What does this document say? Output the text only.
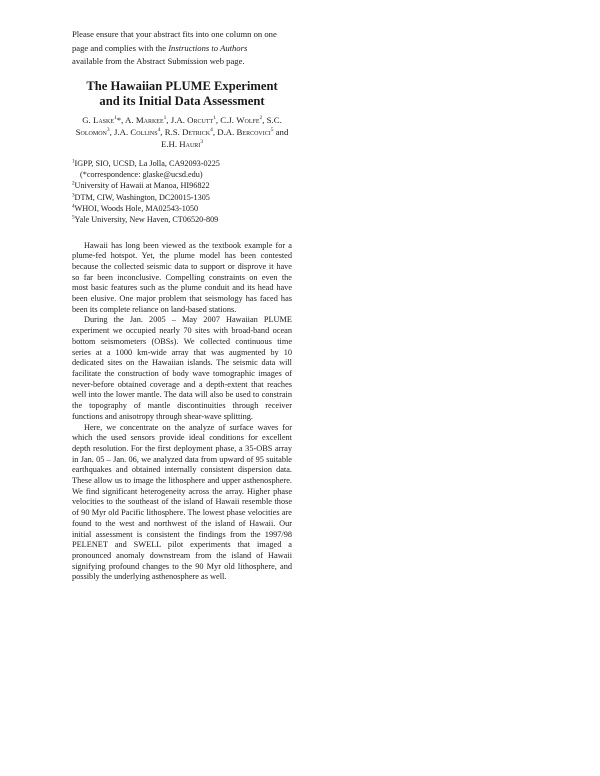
Please ensure that your abstract fits into one column on one
page and complies with the Instructions to Authors
available from the Abstract Submission web page.

The Hawaiian PLUME Experiment
and its Initial Data Assessment
G. Laske$^1$*, A. Markee$^1$, J.A. Orcutt$^1$, C.J. Wolfe$^2$, S.C. Solomon$^3$, J.A. Collins$^4$, R.S. Detrick$^4$, D.A. Bercovici$^5$ and E.H. Hauri$^3$
$^1$IGPP, SIO, UCSD, La Jolla, CA92093-0225
(*correspondence: glaske@ucsd.edu)
$^2$University of Hawaii at Manoa, HI96822
$^3$DTM, CIW, Washington, DC20015-1305
$^4$WHOI, Woods Hole, MA02543-1050
$^5$Yale University, New Haven, CT06520-809

Hawaii has long been viewed as the textbook example for a plume-fed hotspot. Yet, the plume model has been contested because the collected seismic data to support or disprove it have so far been inconclusive. Compelling constraints on even the most basic features such as the plume conduit and its head have been elusive. One major problem that seismology has faced has been its complete reliance on land-based stations.

During the Jan. 2005 – May 2007 Hawaiian PLUME experiment we occupied nearly 70 sites with broad-band ocean bottom seismometers (OBSs). We collected continuous time series at a 1000 km-wide array that was augmented by 10 dedicated sites on the Hawaiian islands. The seismic data will facilitate the construction of body wave tomographic images of never-before obtained coverage and a depth-extent that reaches well into the lower mantle. The data will also be used to constrain the topography of mantle discontinuities through receiver functions and anisotropy through shear-wave splitting.

Here, we concentrate on the analyze of surface waves for which the used sensors provide ideal conditions for excellent depth resolution. For the first deployment phase, a 35-OBS array in Jan. 05 – Jan. 06, we analyzed data from upward of 95 suitable earthquakes and obtained internally consistent dispersion data. These allow us to image the lithosphere and upper asthenosphere. We find significant heterogeneity across the array. Higher phase velocities to the southeast of the island of Hawaii resemble those of 90 Myr old Pacific lithosphere. The lowest phase velocities are found to the west and northwest of the island of Hawaii. Our initial assessment is consistent the findings from the 1997/98 PELENET and SWELL pilot experiments that imaged a pronounced anomaly downstream from the island of Hawaii signifying profound changes to the 90 Myr old lithosphere, and possibly the underlying asthenosphere as well.
